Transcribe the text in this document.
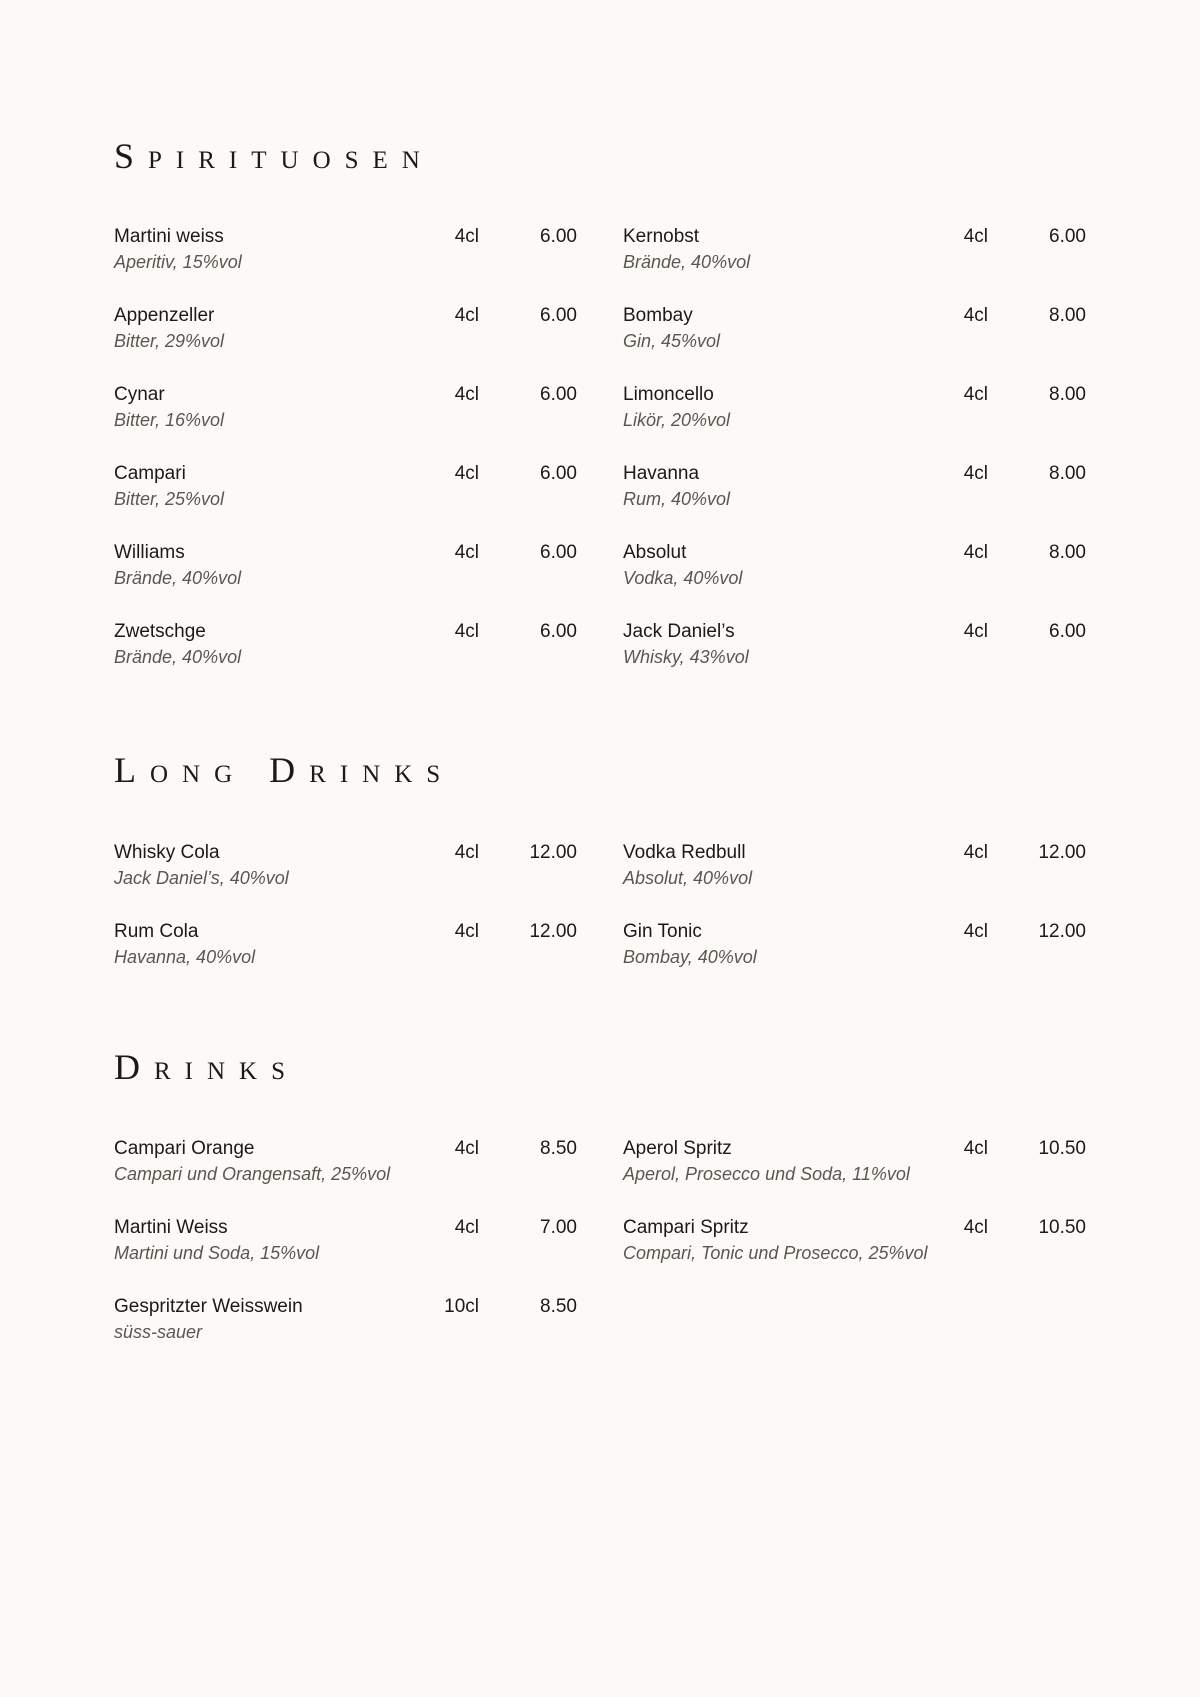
Spirituosen
Martini weiss
Aperitiv, 15%vol
4cl	6.00
Appenzeller
Bitter, 29%vol
4cl	6.00
Cynar
Bitter, 16%vol
4cl	6.00
Campari
Bitter, 25%vol
4cl	6.00
Williams
Brände, 40%vol
4cl	6.00
Zwetschge
Brände, 40%vol
4cl	6.00
Kernobst
Brände, 40%vol
4cl	6.00
Bombay
Gin, 45%vol
4cl	8.00
Limoncello
Likör, 20%vol
4cl	8.00
Havanna
Rum, 40%vol
4cl	8.00
Absolut
Vodka, 40%vol
4cl	8.00
Jack Daniel’s
Whisky, 43%vol
4cl	6.00
Long Drinks
Whisky Cola
Jack Daniel’s, 40%vol
4cl	12.00
Rum Cola
Havanna, 40%vol
4cl	12.00
Vodka Redbull
Absolut, 40%vol
4cl	12.00
Gin Tonic
Bombay, 40%vol
4cl	12.00
Drinks
Campari Orange
Campari und Orangensaft, 25%vol
4cl	8.50
Martini Weiss
Martini und Soda, 15%vol
4cl	7.00
Gespritzter Weisswein
süss-sauer
10cl	8.50
Aperol Spritz
Aperol, Prosecco und Soda, 11%vol
4cl	10.50
Campari Spritz
Compari, Tonic und Prosecco, 25%vol
4cl	10.50
